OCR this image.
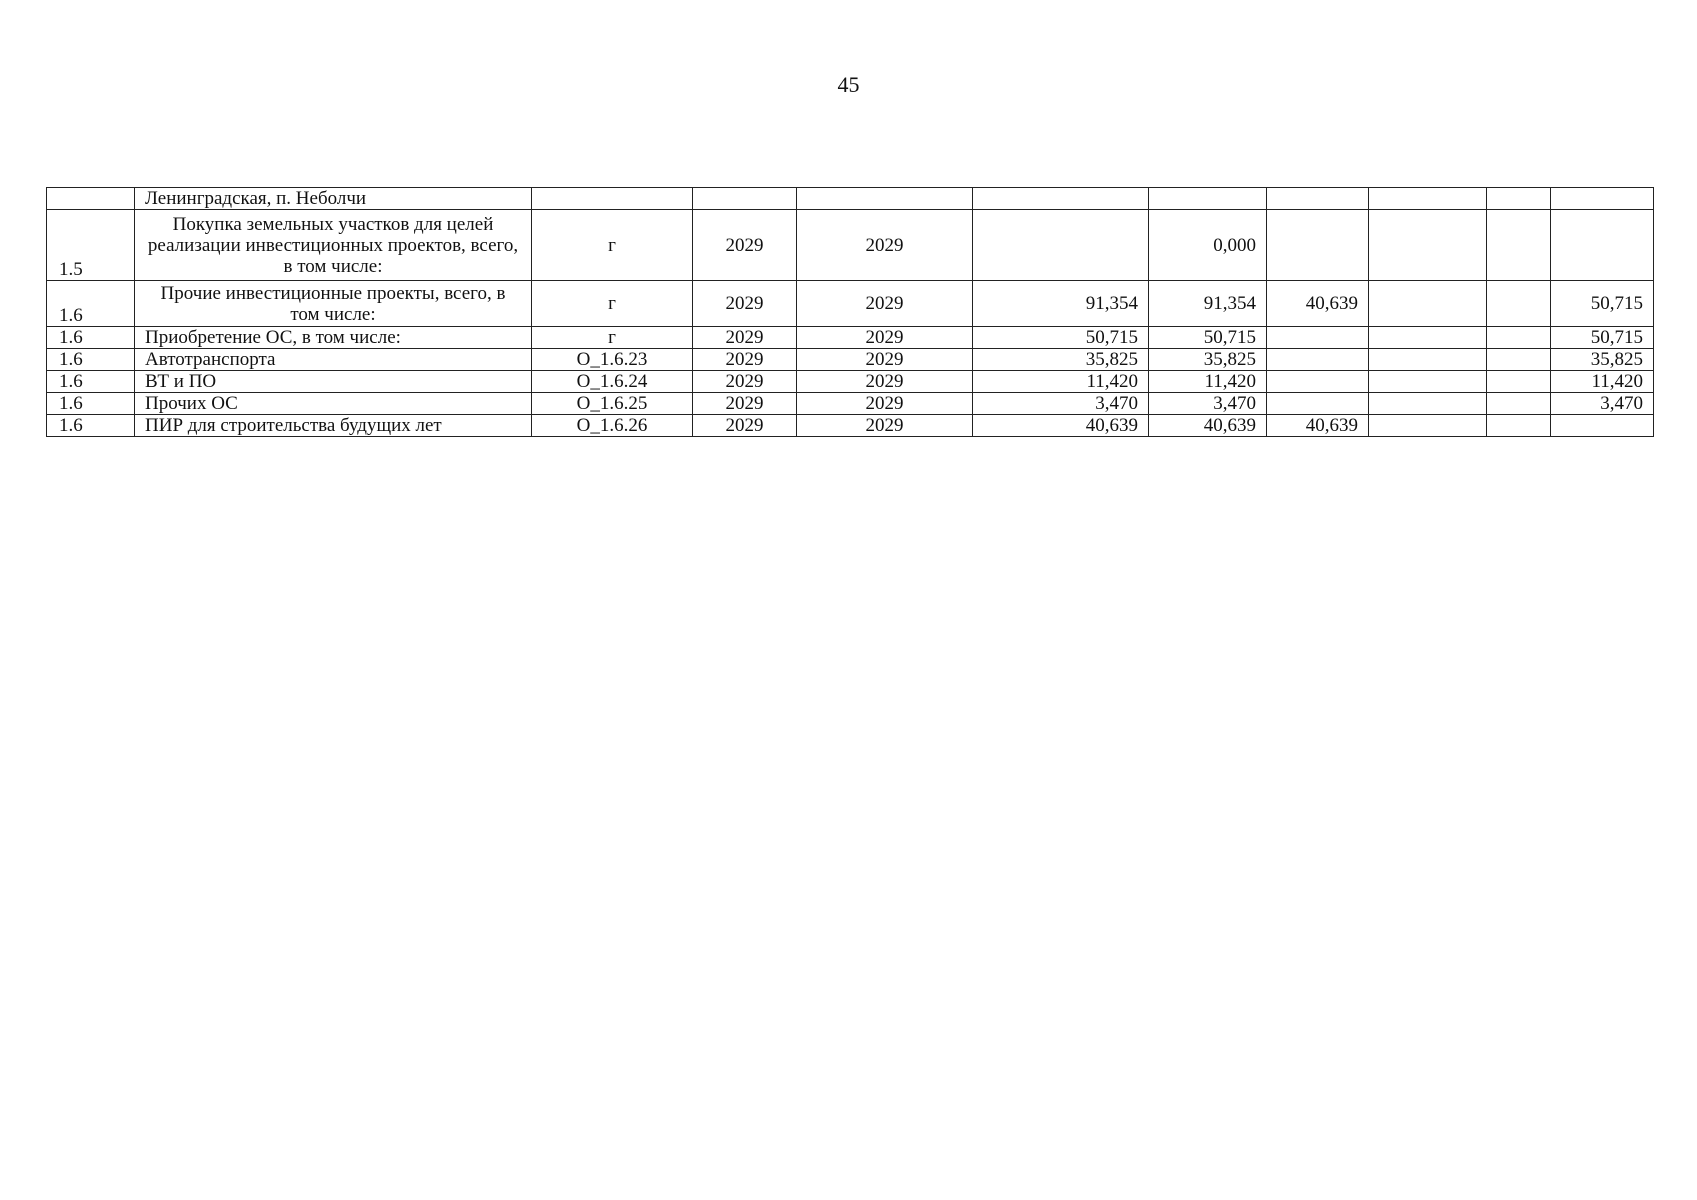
45
	Ленинградская, п. Неболчи									
1.5	Покупка земельных участков для целей реализации инвестиционных проектов, всего, в том числе:	г	2029	2029		0,000				
1.6	Прочие инвестиционные проекты, всего, в том числе:	г	2029	2029	91,354	91,354	40,639			50,715
1.6	Приобретение ОС, в том числе:	г	2029	2029	50,715	50,715				50,715
1.6	Автотранспорта	О_1.6.23	2029	2029	35,825	35,825				35,825
1.6	ВТ и ПО	О_1.6.24	2029	2029	11,420	11,420				11,420
1.6	Прочих ОС	О_1.6.25	2029	2029	3,470	3,470				3,470
1.6	ПИР для строительства будущих лет	О_1.6.26	2029	2029	40,639	40,639	40,639			
